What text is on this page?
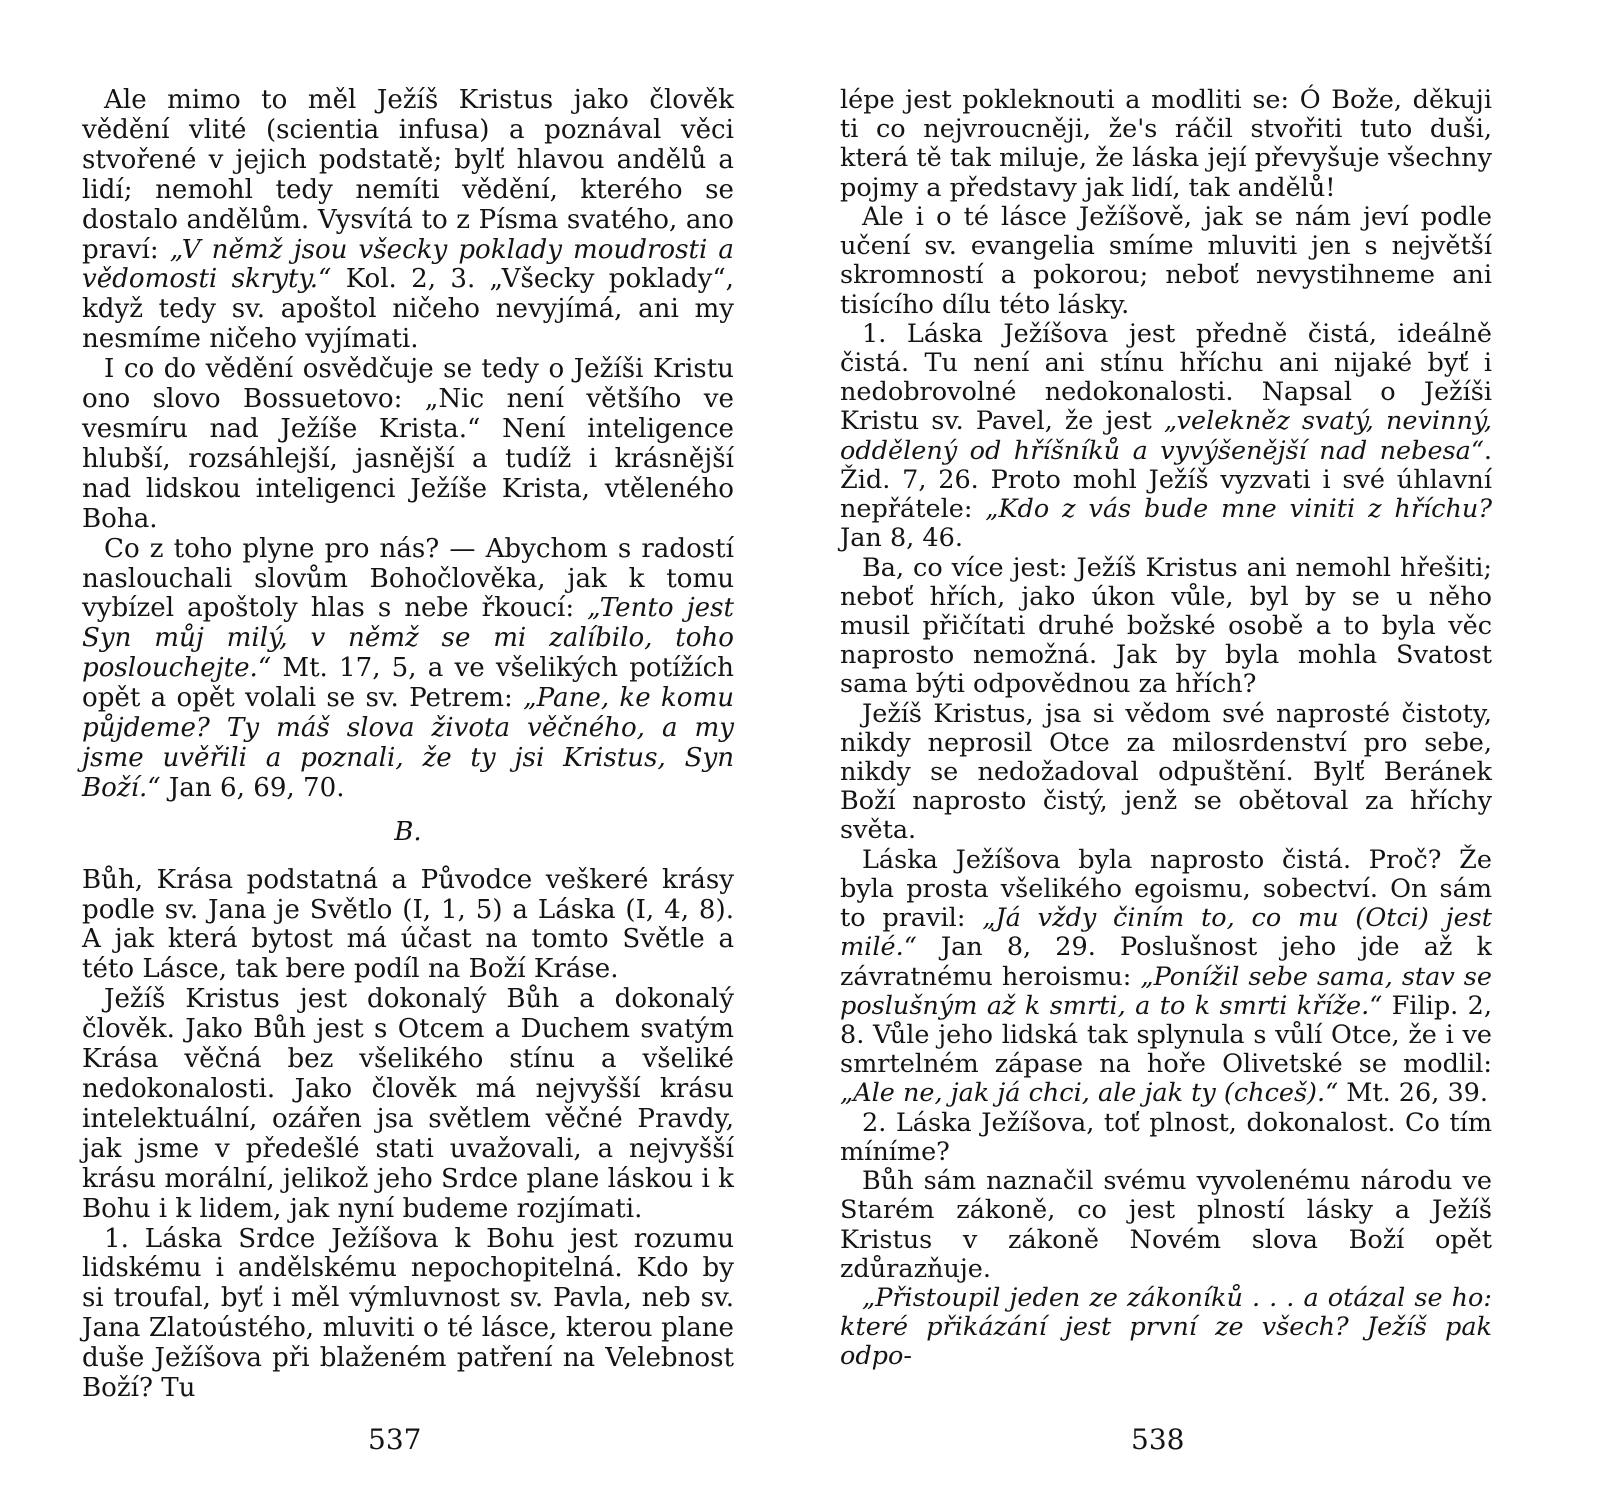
Ale mimo to měl Ježíš Kristus jako člověk vědění vlité (scientia infusa) a poznával věci stvořené v jejich podstatě; bylť hlavou andělů a lidí; nemohl tedy nemíti vědění, kterého se dostalo andělům. Vysvítá to z Písma svatého, ano praví: „V němž jsou všecky poklady moudrosti a vědomosti skryty.“ Kol. 2, 3. „Všecky poklady“, když tedy sv. apoštol ničeho nevyjímá, ani my nesmíme ničeho vyjímati.

I co do vědění osvědčuje se tedy o Ježíši Kristu ono slovo Bossuetovo: „Nic není většího ve vesmíru nad Ježíše Krista.“ Není inteligence hlubší, rozsáhlejší, jasnější a tudíž i krásnější nad lidskou inteligenci Ježíše Krista, vtěleného Boha.

Co z toho plyne pro nás? — Abychom s radostí naslouchali slovům Bohočlověka, jak k tomu vybízel apoštoly hlas s nebe řkoucí: „Tento jest Syn můj milý, v němž se mi zalíbilo, toho poslouchejte.“ Mt. 17, 5, a ve všelikých potížích opět a opět volali se sv. Petrem: „Pane, ke komu půjdeme? Ty máš slova života věčného, a my jsme uvěřili a poznali, že ty jsi Kristus, Syn Boží.“ Jan 6, 69, 70.

B.

Bůh, Krása podstatná a Původce veškeré krásy podle sv. Jana je Světlo (I, 1, 5) a Láska (I, 4, 8). A jak která bytost má účast na tomto Světle a této Lásce, tak bere podíl na Boží Kráse.

Ježíš Kristus jest dokonalý Bůh a dokonalý člověk. Jako Bůh jest s Otcem a Duchem svatým Krása věčná bez všelikého stínu a všeliké nedokonalosti. Jako člověk má nejvyšší krásu intelektuální, ozářen jsa světlem věčné Pravdy, jak jsme v předešlé stati uvažovali, a nejvyšší krásu morální, jelikož jeho Srdce plane láskou i k Bohu i k lidem, jak nyní budeme rozjímati.

1. Láska Srdce Ježíšova k Bohu jest rozumu lidskému i andělskému nepochopitelná. Kdo by si troufal, byť i měl výmluvnost sv. Pavla, neb sv. Jana Zlatoústého, mluviti o té lásce, kterou plane duše Ježíšova při blaženém patření na Velebnost Boží? Tu

537

lépe jest pokleknouti a modliti se: Ó Bože, děkuji ti co nejvroucněji, že's ráčil stvořiti tuto duši, která tě tak miluje, že láska její převyšuje všechny pojmy a představy jak lidí, tak andělů!

Ale i o té lásce Ježíšově, jak se nám jeví podle učení sv. evangelia smíme mluviti jen s největší skromností a pokorou; neboť nevystihneme ani tisícího dílu této lásky.

1. Láska Ježíšova jest předně čistá, ideálně čistá. Tu není ani stínu hříchu ani nijaké byť i nedobrovolné nedokonalosti. Napsal o Ježíši Kristu sv. Pavel, že jest „velekněz svatý, nevinný, oddělený od hříšníků a vyvýšenější nad nebesa“. Žid. 7, 26. Proto mohl Ježíš vyzvati i své úhlavní nepřátele: „Kdo z vás bude mne viniti z hříchu? Jan 8, 46.

Ba, co více jest: Ježíš Kristus ani nemohl hřešiti; neboť hřích, jako úkon vůle, byl by se u něho musil přičítati druhé božské osobě a to byla věc naprosto nemožná. Jak by byla mohla Svatost sama býti odpovědnou za hřích?

Ježíš Kristus, jsa si vědom své naprosté čistoty, nikdy neprosil Otce za milosrdenství pro sebe, nikdy se nedožadoval odpuštění. Bylť Beránek Boží naprosto čistý, jenž se obětoval za hříchy světa.

Láska Ježíšova byla naprosto čistá. Proč? Že byla prosta všelikého egoismu, sobectví. On sám to pravil: „Já vždy činím to, co mu (Otci) jest milé.“ Jan 8, 29. Poslušnost jeho jde až k závratnému heroismu: „Ponížil sebe sama, stav se poslušným až k smrti, a to k smrti kříže.“ Filip. 2, 8. Vůle jeho lidská tak splynula s vůlí Otce, že i ve smrtelném zápase na hoře Olivetské se modlil: „Ale ne, jak já chci, ale jak ty (chceš).“ Mt. 26, 39.

2. Láska Ježíšova, toť plnost, dokonalost. Co tím míníme?

Bůh sám naznačil svému vyvolenému národu ve Starém zákoně, co jest plností lásky a Ježíš Kristus v zákoně Novém slova Boží opět zdůrazňuje.

„Přistoupil jeden ze zákoníků . . . a otázal se ho: které přikázání jest první ze všech? Ježíš pak odpo-

538
